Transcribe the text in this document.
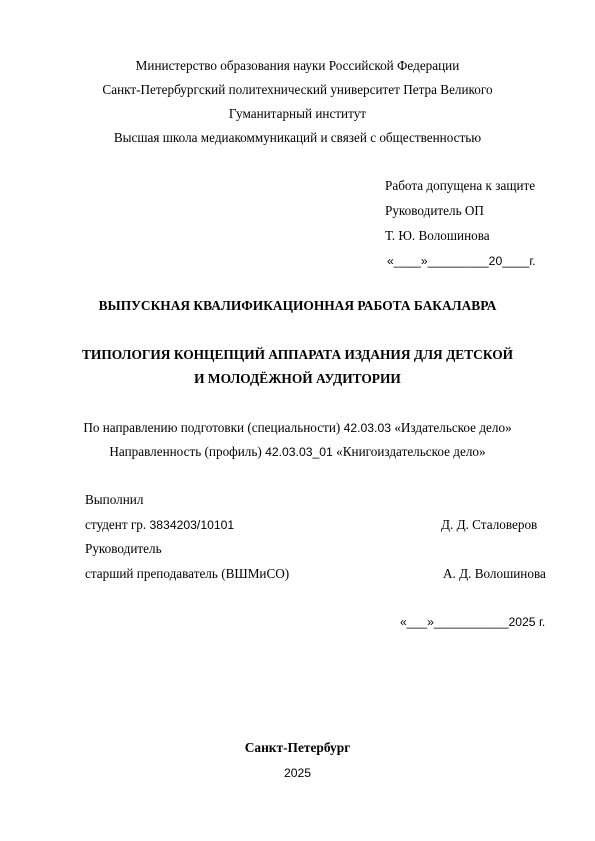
Министерство образования науки Российской Федерации
Санкт-Петербургский политехнический университет Петра Великого
Гуманитарный институт
Высшая школа медиакоммуникаций и связей с общественностью
Работа допущена к защите
Руководитель ОП
Т. Ю. Волошинова
«____»_________20____г.
ВЫПУСКНАЯ КВАЛИФИКАЦИОННАЯ РАБОТА БАКАЛАВРА
ТИПОЛОГИЯ КОНЦЕПЦИЙ АППАРАТА ИЗДАНИЯ ДЛЯ ДЕТСКОЙ
И МОЛОДЁЖНОЙ АУДИТОРИИ
По направлению подготовки (специальности) 42.03.03 «Издательское дело»
Направленность (профиль) 42.03.03_01 «Книгоиздательское дело»
Выполнил
студент гр. 3834203/10101	Д. Д. Сталоверов
Руководитель
старший преподаватель (ВШМиСО)	А. Д. Волошинова
«___»___________2025 г.
Санкт-Петербург
2025
